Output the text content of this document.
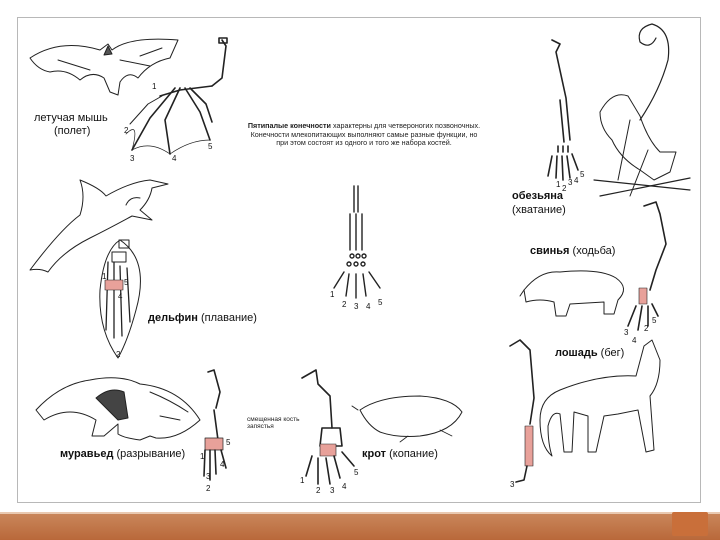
летучая мышь
(полет)
дельфин (плавание)
муравьед (разрывание)	крот (копание)
обезьяна
(хватание)
свинья (ходьба)
лошадь (бег)
Пятипалые конечности характерны для четвероногих позвоночных. Конечности млекопитающих выполняют самые разные функции, но при этом состоят из одного и того же набора костей.
смещенная кость запястья
1
2
3	4
5
1
5
4
2
1
2 3 4 5
5
1
4
3
2
1
2 3 4
5
1 2
3 4
5
5
2
3
4
3
